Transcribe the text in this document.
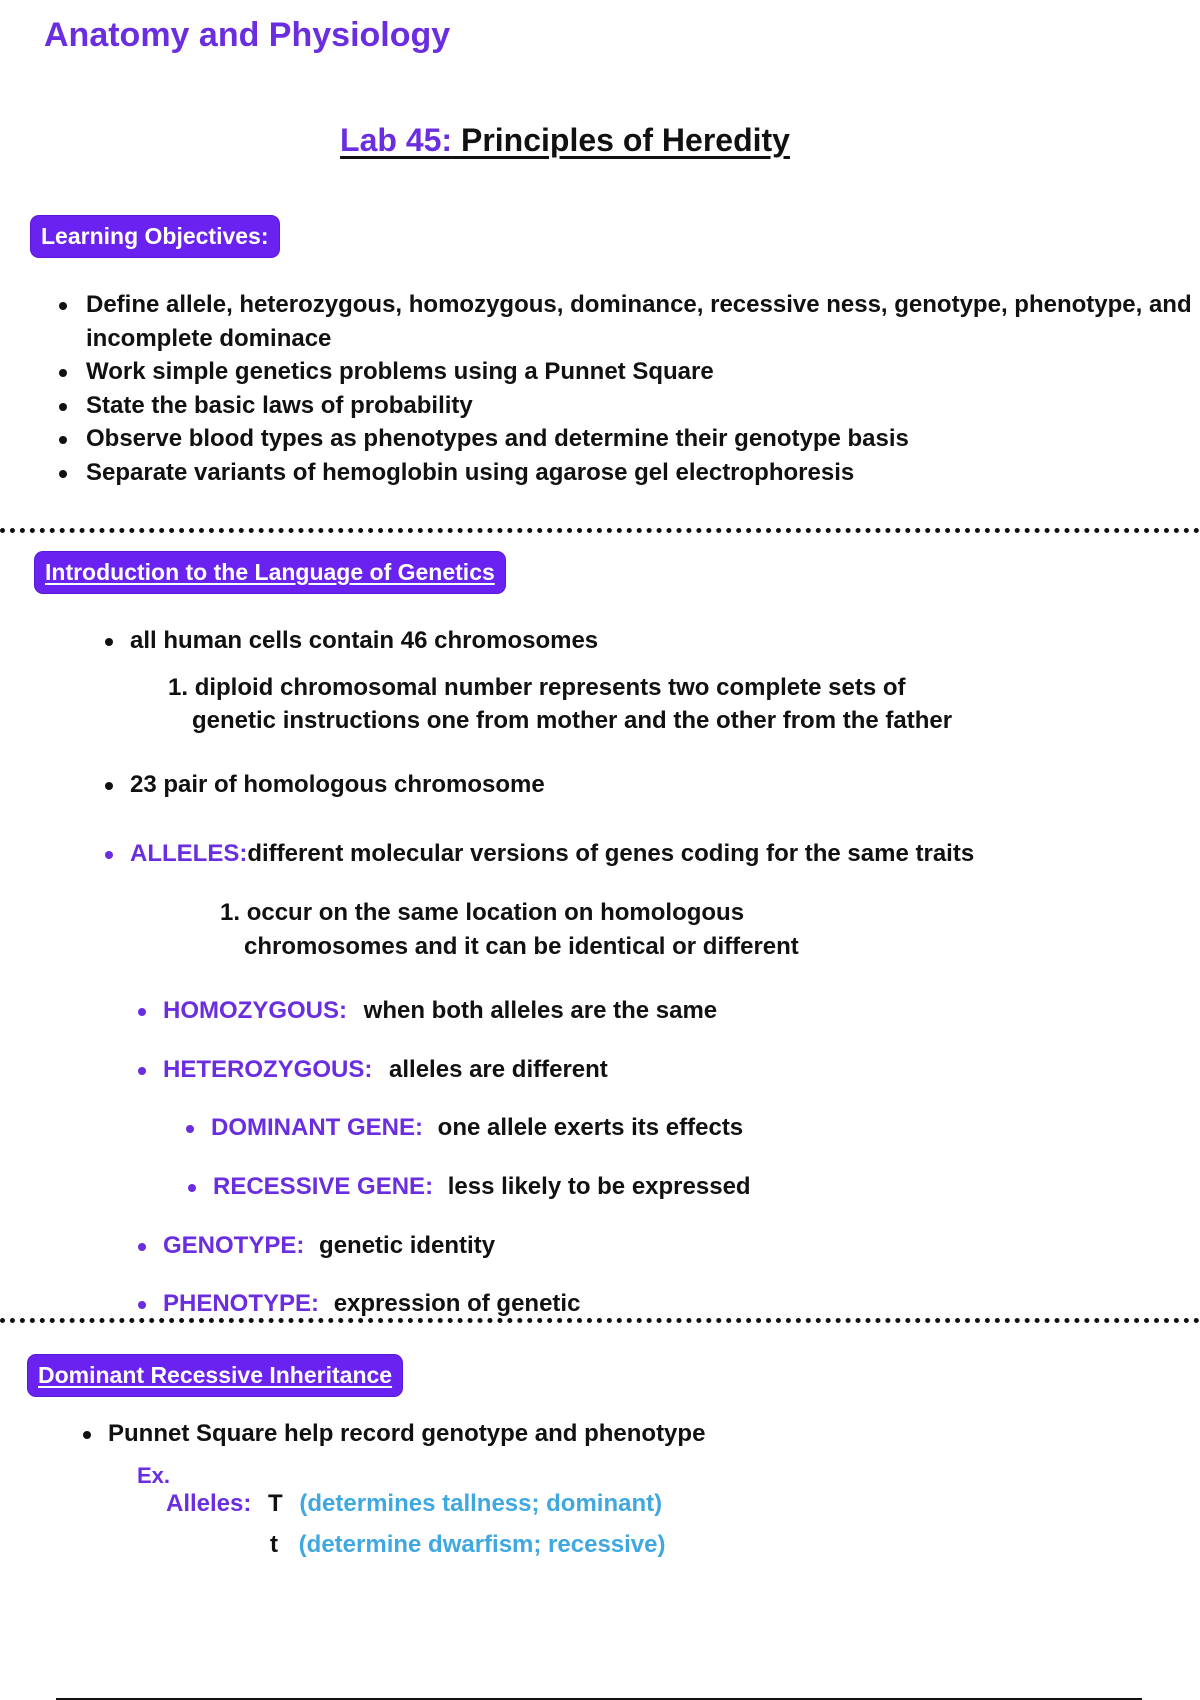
Anatomy and Physiology
Lab 45: Principles of Heredity
Learning Objectives:
Define allele, heterozygous, homozygous, dominance, recessive ness, genotype, phenotype, and incomplete dominace
Work simple genetics problems using a Punnet Square
State the basic laws of probability
Observe blood types as phenotypes and determine their genotype basis
Separate variants of hemoglobin using agarose gel electrophoresis
Introduction to the Language of Genetics

all human cells contain 46 chromosomes

1. diploid chromosomal number represents two complete sets of

genetic instructions one from mother and the other from the father

23 pair of homologous chromosome

ALLELES:different molecular versions of genes coding for the same traits

1. occur on the same location on homologous

chromosomes and it can be identical or different

HOMOZYGOUS: when both alleles are the same

HETEROZYGOUS: alleles are different

DOMINANT GENE: one allele exerts its effects

RECESSIVE GENE: less likely to be expressed

GENOTYPE: genetic identity

PHENOTYPE: expression of genetic

Dominant Recessive Inheritance

Punnet Square help record genotype and phenotype

Ex.

Alleles: T (determines tallness; dominant)

t (determine dwarfism; recessive)
